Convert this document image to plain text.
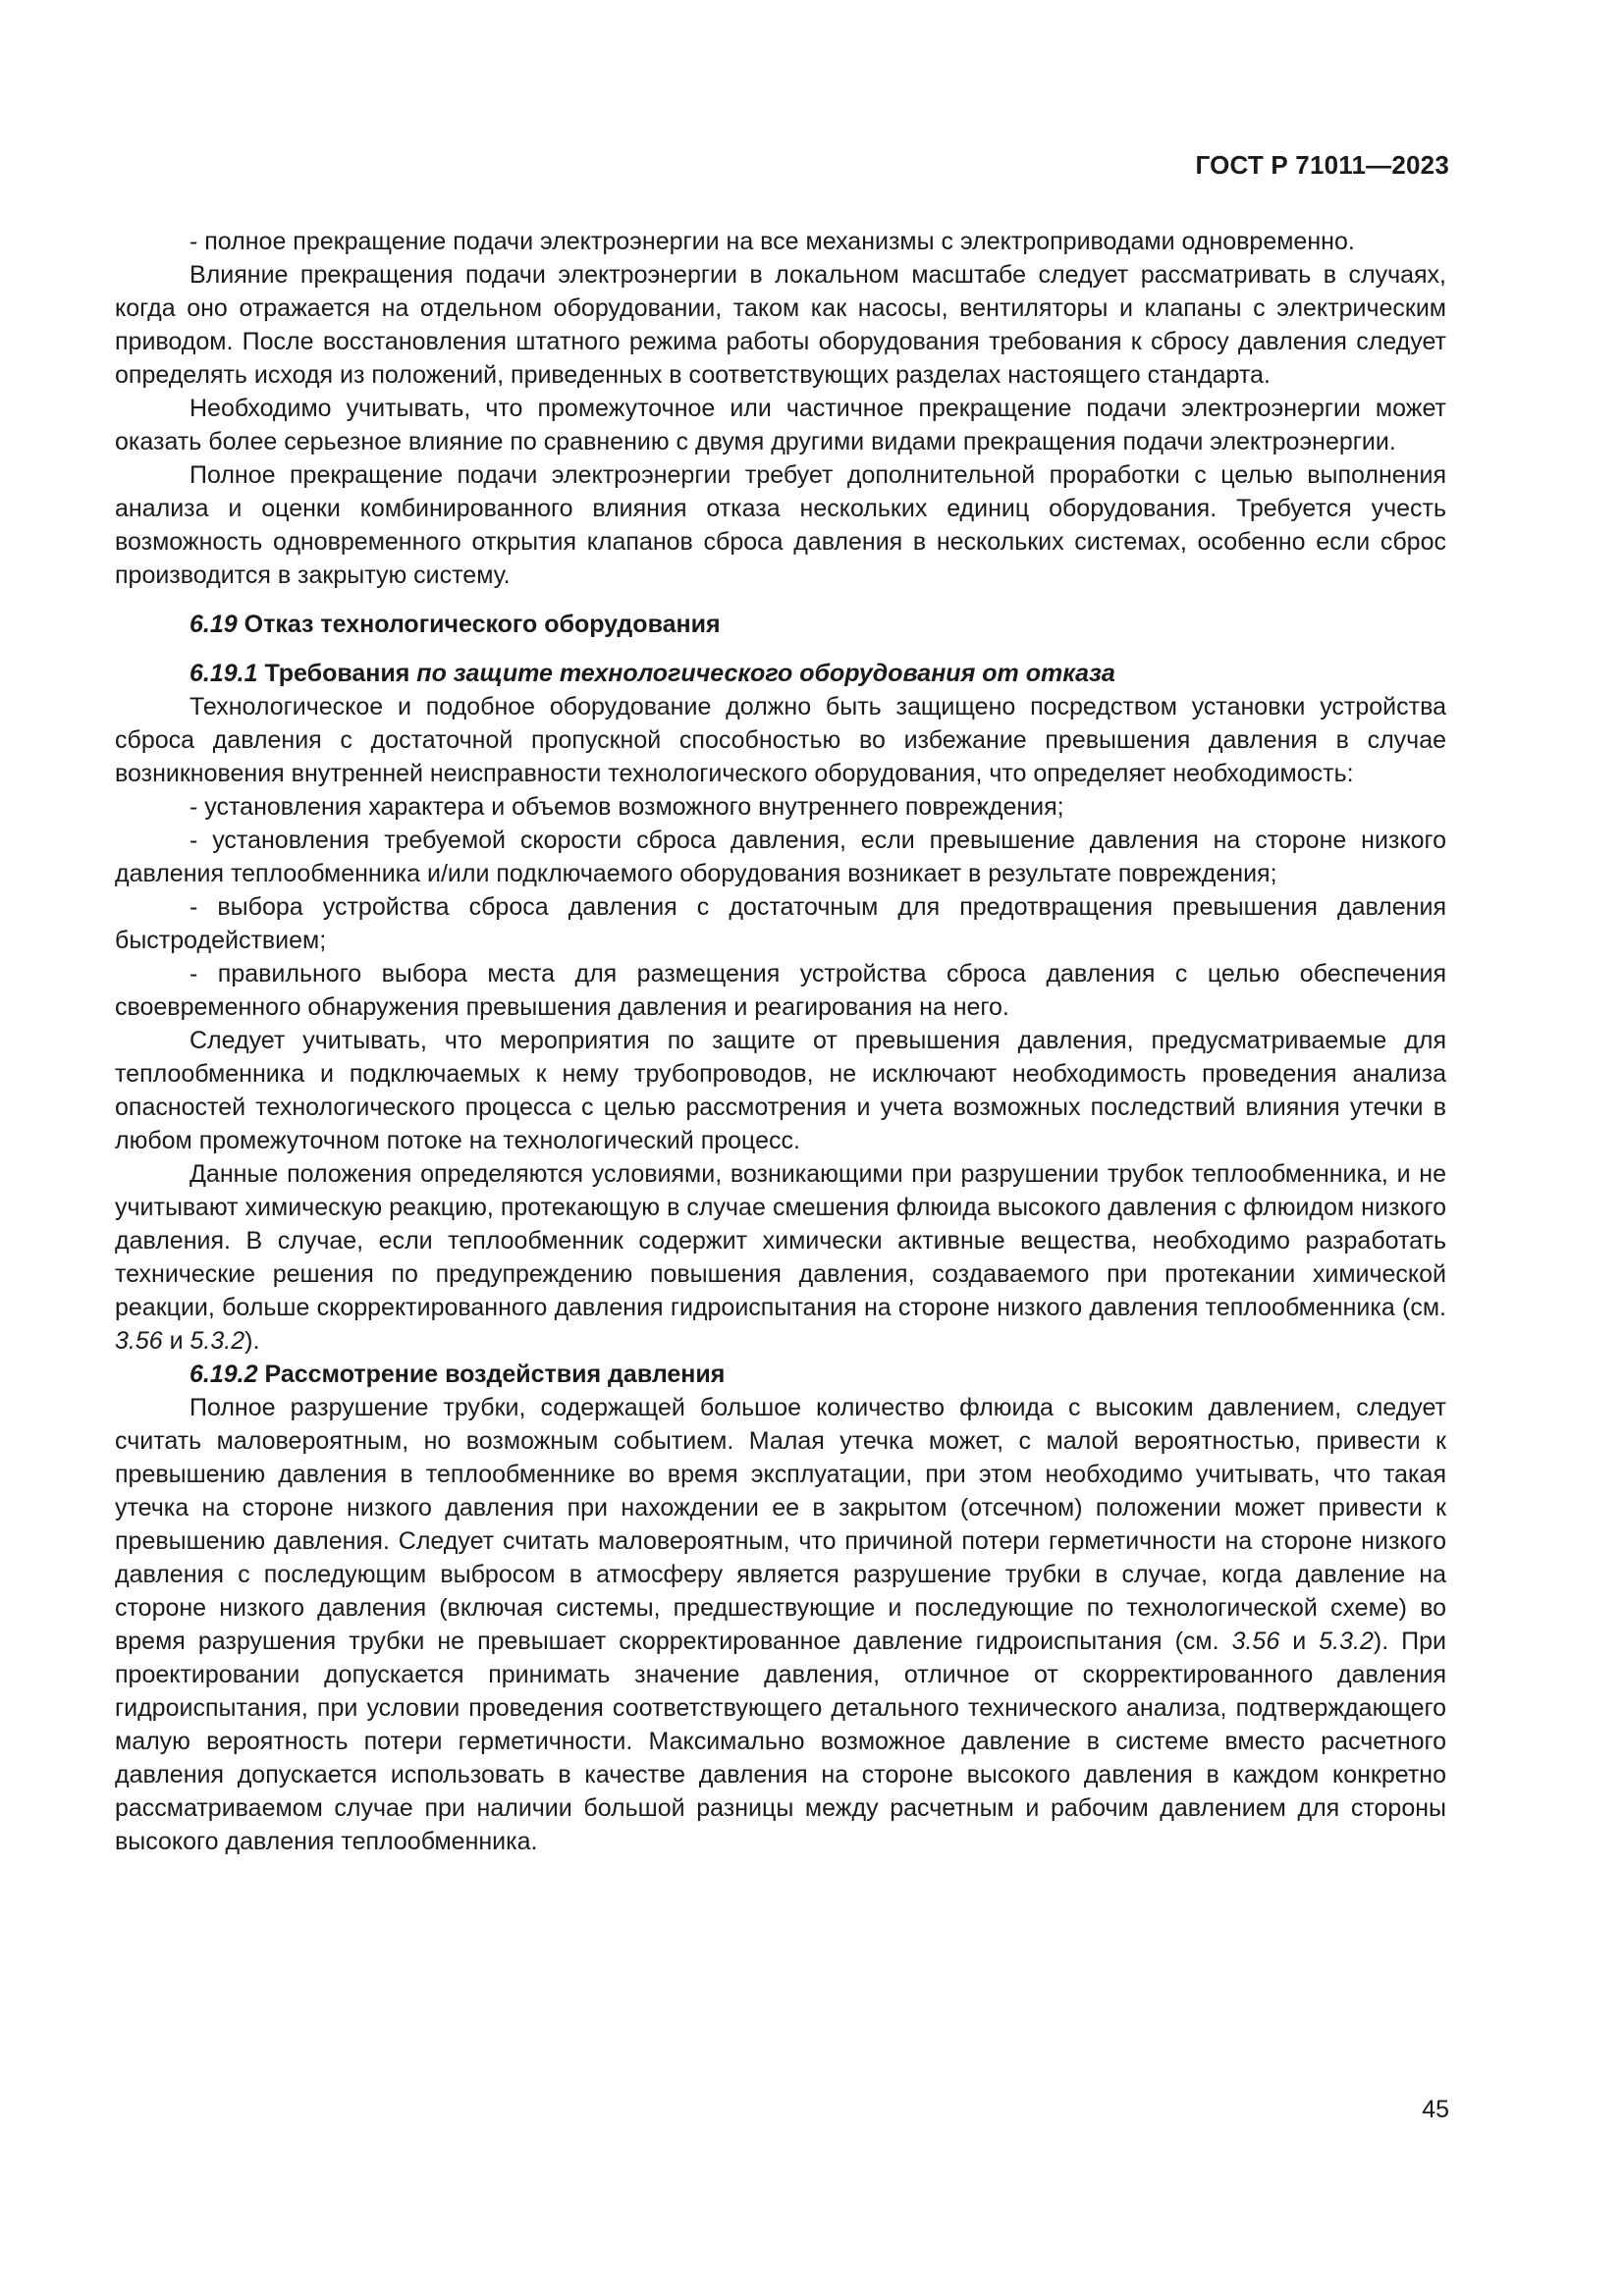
ГОСТ Р 71011—2023

- полное прекращение подачи электроэнергии на все механизмы с электроприводами одновременно.

Влияние прекращения подачи электроэнергии в локальном масштабе следует рассматривать в случаях, когда оно отражается на отдельном оборудовании, таком как насосы, вентиляторы и клапаны с электрическим приводом. После восстановления штатного режима работы оборудования требования к сбросу давления следует определять исходя из положений, приведенных в соответствующих разделах настоящего стандарта.

Необходимо учитывать, что промежуточное или частичное прекращение подачи электроэнергии может оказать более серьезное влияние по сравнению с двумя другими видами прекращения подачи электроэнергии.

Полное прекращение подачи электроэнергии требует дополнительной проработки с целью выполнения анализа и оценки комбинированного влияния отказа нескольких единиц оборудования. Требуется учесть возможность одновременного открытия клапанов сброса давления в нескольких системах, особенно если сброс производится в закрытую систему.

6.19 Отказ технологического оборудования

6.19.1 Требования по защите технологического оборудования от отказа

Технологическое и подобное оборудование должно быть защищено посредством установки устройства сброса давления с достаточной пропускной способностью во избежание превышения давления в случае возникновения внутренней неисправности технологического оборудования, что определяет необходимость:

- установления характера и объемов возможного внутреннего повреждения;

- установления требуемой скорости сброса давления, если превышение давления на стороне низкого давления теплообменника и/или подключаемого оборудования возникает в результате повреждения;

- выбора устройства сброса давления с достаточным для предотвращения превышения давления быстродействием;

- правильного выбора места для размещения устройства сброса давления с целью обеспечения своевременного обнаружения превышения давления и реагирования на него.

Следует учитывать, что мероприятия по защите от превышения давления, предусматриваемые для теплообменника и подключаемых к нему трубопроводов, не исключают необходимость проведения анализа опасностей технологического процесса с целью рассмотрения и учета возможных последствий влияния утечки в любом промежуточном потоке на технологический процесс.

Данные положения определяются условиями, возникающими при разрушении трубок теплообменника, и не учитывают химическую реакцию, протекающую в случае смешения флюида высокого давления с флюидом низкого давления. В случае, если теплообменник содержит химически активные вещества, необходимо разработать технические решения по предупреждению повышения давления, создаваемого при протекании химической реакции, больше скорректированного давления гидроиспытания на стороне низкого давления теплообменника (см. 3.56 и 5.3.2).

6.19.2 Рассмотрение воздействия давления

Полное разрушение трубки, содержащей большое количество флюида с высоким давлением, следует считать маловероятным, но возможным событием. Малая утечка может, с малой вероятностью, привести к превышению давления в теплообменнике во время эксплуатации, при этом необходимо учитывать, что такая утечка на стороне низкого давления при нахождении ее в закрытом (отсечном) положении может привести к превышению давления. Следует считать маловероятным, что причиной потери герметичности на стороне низкого давления с последующим выбросом в атмосферу является разрушение трубки в случае, когда давление на стороне низкого давления (включая системы, предшествующие и последующие по технологической схеме) во время разрушения трубки не превышает скорректированное давление гидроиспытания (см. 3.56 и 5.3.2). При проектировании допускается принимать значение давления, отличное от скорректированного давления гидроиспытания, при условии проведения соответствующего детального технического анализа, подтверждающего малую вероятность потери герметичности. Максимально возможное давление в системе вместо расчетного давления допускается использовать в качестве давления на стороне высокого давления в каждом конкретно рассматриваемом случае при наличии большой разницы между расчетным и рабочим давлением для стороны высокого давления теплообменника.

45
